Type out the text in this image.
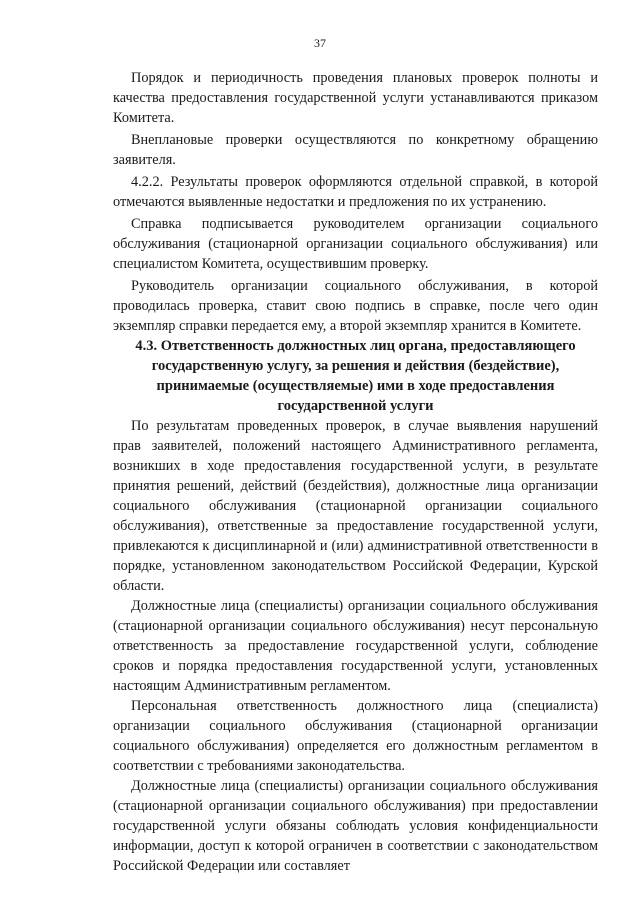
37

Порядок и периодичность проведения плановых проверок полноты и качества предоставления государственной услуги устанавливаются приказом Комитета.

Внеплановые проверки осуществляются по конкретному обращению заявителя.

4.2.2. Результаты проверок оформляются отдельной справкой, в которой отмечаются выявленные недостатки и предложения по их устранению.

Справка подписывается руководителем организации социального обслуживания (стационарной организации социального обслуживания) или специалистом Комитета, осуществившим проверку.

Руководитель организации социального обслуживания, в которой проводилась проверка, ставит свою подпись в справке, после чего один экземпляр справки передается ему, а второй экземпляр хранится в Комитете.

4.3. Ответственность должностных лиц органа, предоставляющего государственную услугу, за решения и действия (бездействие), принимаемые (осуществляемые) ими в ходе предоставления государственной услуги

По результатам проведенных проверок, в случае выявления нарушений прав заявителей, положений настоящего Административного регламента, возникших в ходе предоставления государственной услуги, в результате принятия решений, действий (бездействия), должностные лица организации социального обслуживания (стационарной организации социального обслуживания), ответственные за предоставление государственной услуги, привлекаются к дисциплинарной и (или) административной ответственности в порядке, установленном законодательством Российской Федерации, Курской области.

Должностные лица (специалисты) организации социального обслуживания (стационарной организации социального обслуживания) несут персональную ответственность за предоставление государственной услуги, соблюдение сроков и порядка предоставления государственной услуги, установленных настоящим Административным регламентом.

Персональная ответственность должностного лица (специалиста) организации социального обслуживания (стационарной организации социального обслуживания) определяется его должностным регламентом в соответствии с требованиями законодательства.

Должностные лица (специалисты) организации социального обслуживания (стационарной организации социального обслуживания) при предоставлении государственной услуги обязаны соблюдать условия конфиденциальности информации, доступ к которой ограничен в соответствии с законодательством Российской Федерации или составляет
